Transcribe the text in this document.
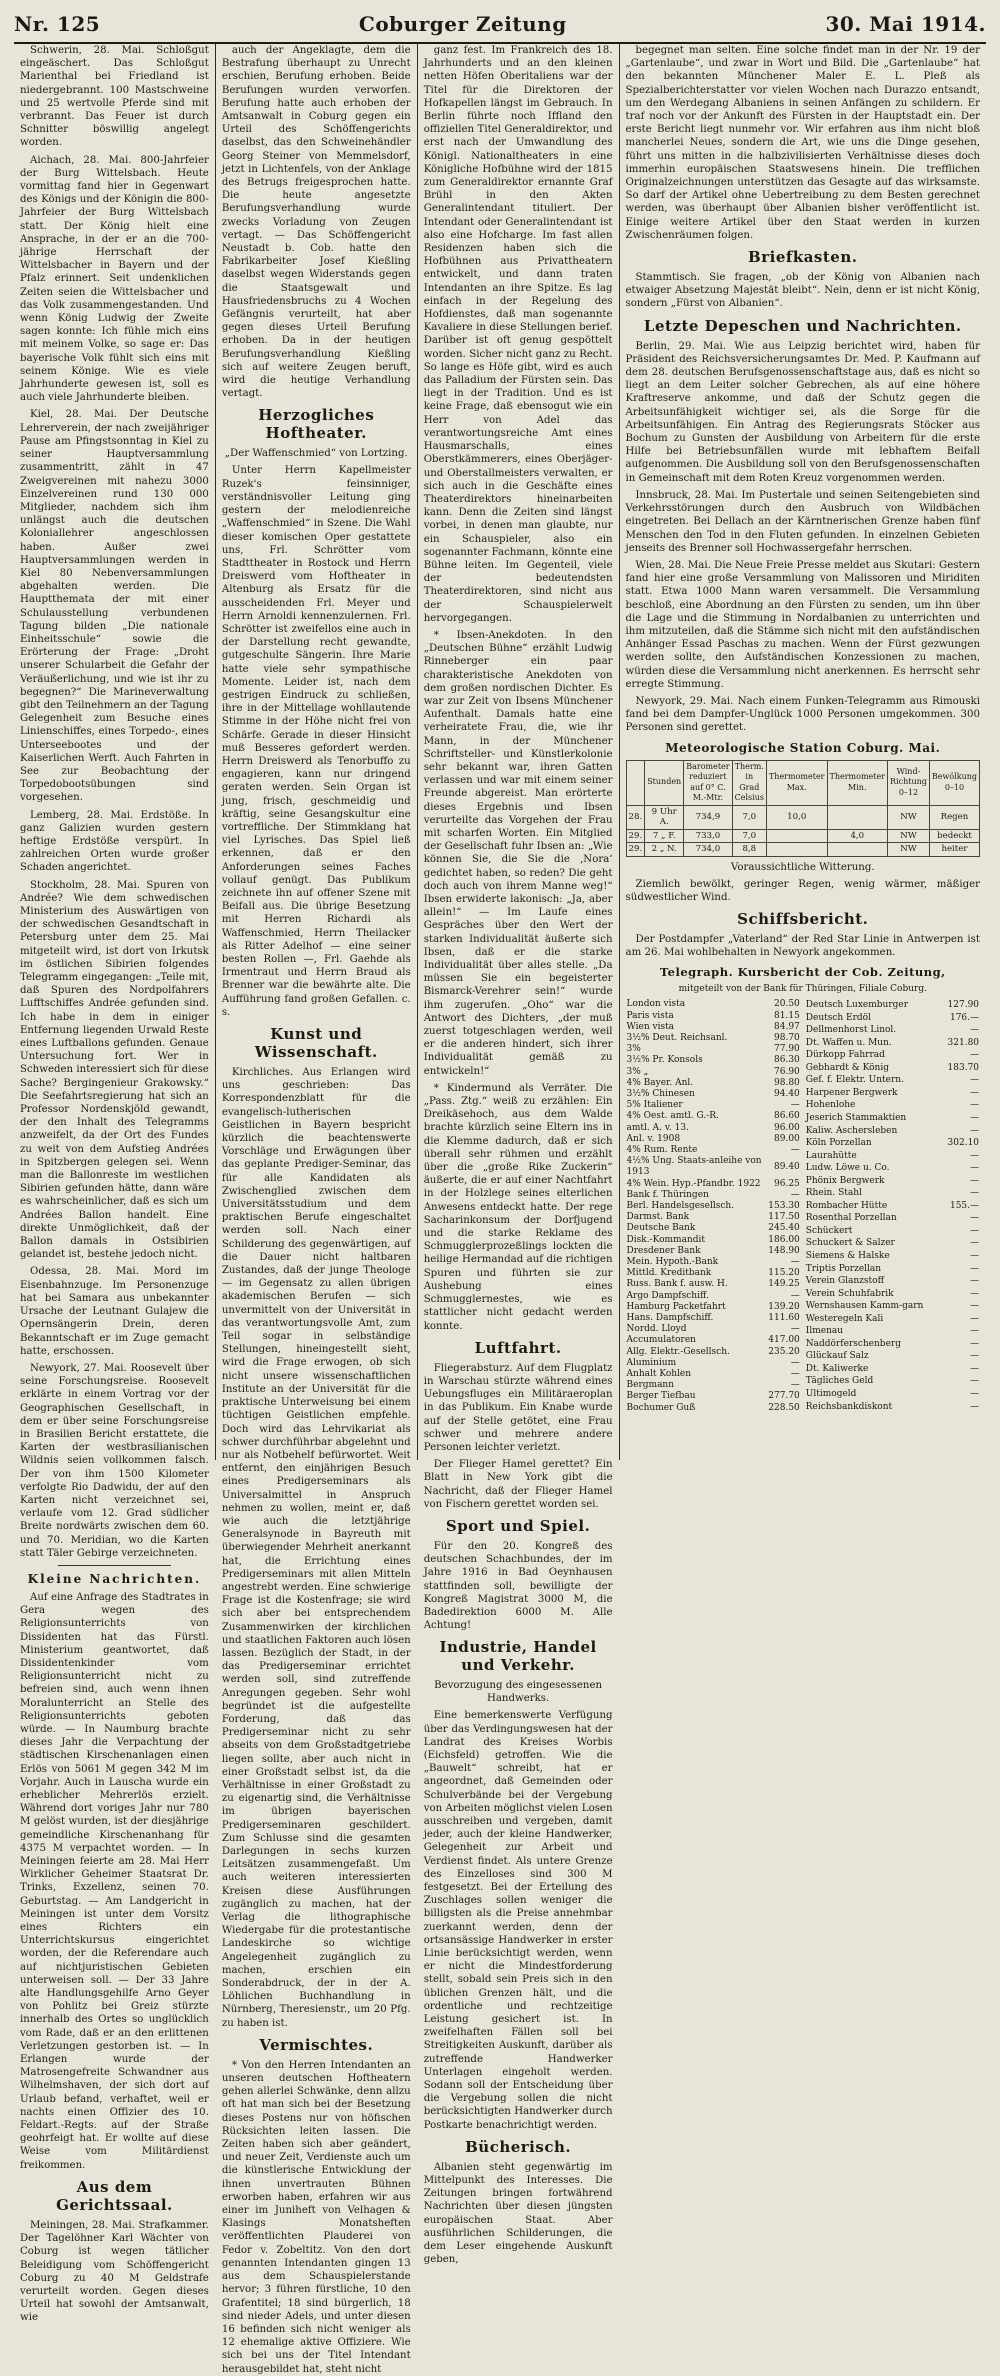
Nr. 125	Coburger Zeitung	30. Mai 1914.

Schwerin, 28. Mai. Schloßgut eingeäschert. Das Schloßgut Marienthal bei Friedland ist niedergebrannt. 100 Mastschweine und 25 wertvolle Pferde sind mit verbrannt. Das Feuer ist durch Schnitter böswillig angelegt worden.

Aichach, 28. Mai. 800-Jahrfeier der Burg Wittelsbach. Heute vormittag fand hier in Gegenwart des Königs und der Königin die 800-Jahrfeier der Burg Wittelsbach statt. Der König hielt eine Ansprache, in der er an die 700-jährige Herrschaft der Wittelsbacher in Bayern und der Pfalz erinnert. Seit undenklichen Zeiten seien die Wittelsbacher und das Volk zusammengestanden. Und wenn König Ludwig der Zweite sagen konnte: Ich fühle mich eins mit meinem Volke, so sage er: Das bayerische Volk fühlt sich eins mit seinem Könige. Wie es viele Jahrhunderte gewesen ist, soll es auch viele Jahrhunderte bleiben.

Kiel, 28. Mai. Der Deutsche Lehrerverein, der nach zweijähriger Pause am Pfingstsonntag in Kiel zu seiner Hauptversammlung zusammentritt, zählt in 47 Zweigvereinen mit nahezu 3000 Einzelvereinen rund 130 000 Mitglieder, nachdem sich ihm unlängst auch die deutschen Koloniallehrer angeschlossen haben. Außer zwei Hauptversammlungen werden in Kiel 80 Nebenversammlungen abgehalten werden. Die Hauptthemata der mit einer Schulausstellung verbundenen Tagung bilden „Die nationale Einheitsschule“ sowie die Erörterung der Frage: „Droht unserer Schularbeit die Gefahr der Veräußerlichung, und wie ist ihr zu begegnen?“ Die Marineverwaltung gibt den Teilnehmern an der Tagung Gelegenheit zum Besuche eines Linienschiffes, eines Torpedo-, eines Unterseebootes und der Kaiserlichen Werft. Auch Fahrten in See zur Beobachtung der Torpedobootsübungen sind vorgesehen.

Lemberg, 28. Mai. Erdstöße. In ganz Galizien wurden gestern heftige Erdstöße verspürt. In zahlreichen Orten wurde großer Schaden angerichtet.

Stockholm, 28. Mai. Spuren von Andrée? Wie dem schwedischen Ministerium des Auswärtigen von der schwedischen Gesandtschaft in Petersburg unter dem 25. Mai mitgeteilt wird, ist dort von Irkutsk im östlichen Sibirien folgendes Telegramm eingegangen: „Teile mit, daß Spuren des Nordpolfahrers Lufftschiffes Andrée gefunden sind. Ich habe in dem in einiger Entfernung liegenden Urwald Reste eines Luftballons gefunden. Genaue Untersuchung fort. Wer in Schweden interessiert sich für diese Sache? Bergingenieur Grakowsky.“ Die Seefahrtsregierung hat sich an Professor Nordenskjöld gewandt, der den Inhalt des Telegramms anzweifelt, da der Ort des Fundes zu weit von dem Aufstieg Andrées in Spitzbergen gelegen sei. Wenn man die Ballonreste im westlichen Sibirien gefunden hätte, dann wäre es wahrscheinlicher, daß es sich um Andrées Ballon handelt. Eine direkte Unmöglichkeit, daß der Ballon damals in Ostsibirien gelandet ist, bestehe jedoch nicht.

Odessa, 28. Mai. Mord im Eisenbahnzuge. Im Personenzuge hat bei Samara aus unbekannter Ursache der Leutnant Gulajew die Opernsängerin Drein, deren Bekanntschaft er im Zuge gemacht hatte, erschossen.

Newyork, 27. Mai. Roosevelt über seine Forschungsreise. Roosevelt erklärte in einem Vortrag vor der Geographischen Gesellschaft, in dem er über seine Forschungsreise in Brasilien Bericht erstattete, die Karten der westbrasilianischen Wildnis seien vollkommen falsch. Der von ihm 1500 Kilometer verfolgte Rio Dadwidu, der auf den Karten nicht verzeichnet sei, verlaufe vom 12. Grad südlicher Breite nordwärts zwischen dem 60. und 70. Meridian, wo die Karten statt Täler Gebirge verzeichneten.

Kleine Nachrichten.

Auf eine Anfrage des Stadtrates in Gera wegen des Religionsunterrichts von Dissidenten hat das Fürstl. Ministerium geantwortet, daß Dissidentenkinder vom Religionsunterricht nicht zu befreien sind, auch wenn ihnen Moralunterricht an Stelle des Religionsunterrichts geboten würde. — In Naumburg brachte dieses Jahr die Verpachtung der städtischen Kirschenanlagen einen Erlös von 5061 M gegen 342 M im Vorjahr. Auch in Lauscha wurde ein erheblicher Mehrerlös erzielt. Während dort voriges Jahr nur 780 M gelöst wurden, ist der diesjährige gemeindliche Kirschenanhang für 4375 M verpachtet worden. — In Meiningen feierte am 28. Mai Herr Wirklicher Geheimer Staatsrat Dr. Trinks, Exzellenz, seinen 70. Geburtstag. — Am Landgericht in Meiningen ist unter dem Vorsitz eines Richters ein Unterrichtskursus eingerichtet worden, der die Referendare auch auf nichtjuristischen Gebieten unterweisen soll. — Der 33 Jahre alte Handlungsgehilfe Arno Geyer von Pohlitz bei Greiz stürzte innerhalb des Ortes so unglücklich vom Rade, daß er an den erlittenen Verletzungen gestorben ist. — In Erlangen wurde der Matrosengefreite Schwandner aus Wilhelmshaven, der sich dort auf Urlaub befand, verhaftet, weil er nachts einen Offizier des 10. Feldart.-Regts. auf der Straße geohrfeigt hat. Er wollte auf diese Weise vom Militärdienst freikommen.

Aus dem Gerichtssaal.

Meiningen, 28. Mai. Strafkammer. Der Tagelöhner Karl Wächter von Coburg ist wegen tätlicher Beleidigung vom Schöffengericht Coburg zu 40 M Geldstrafe verurteilt worden. Gegen dieses Urteil hat sowohl der Amtsanwalt, wie

auch der Angeklagte, dem die Bestrafung überhaupt zu Unrecht erschien, Berufung erhoben. Beide Berufungen wurden verworfen. Berufung hatte auch erhoben der Amtsanwalt in Coburg gegen ein Urteil des Schöffengerichts daselbst, das den Schweinehändler Georg Steiner von Memmelsdorf, jetzt in Lichtenfels, von der Anklage des Betrugs freigesprochen hatte. Die heute angesetzte Berufungsverhandlung wurde zwecks Vorladung von Zeugen vertagt. — Das Schöffengericht Neustadt b. Cob. hatte den Fabrikarbeiter Josef Kießling daselbst wegen Widerstands gegen die Staatsgewalt und Hausfriedensbruchs zu 4 Wochen Gefängnis verurteilt, hat aber gegen dieses Urteil Berufung erhoben. Da in der heutigen Berufungsverhandlung Kießling sich auf weitere Zeugen beruft, wird die heutige Verhandlung vertagt.

Herzogliches Hoftheater.
„Der Waffenschmied“ von Lortzing.

Unter Herrn Kapellmeister Ruzek's feinsinniger, verständnisvoller Leitung ging gestern der melodienreiche „Waffenschmied“ in Szene. Die Wahl dieser komischen Oper gestattete uns, Frl. Schrötter vom Stadttheater in Rostock und Herrn Dreiswerd vom Hoftheater in Altenburg als Ersatz für die ausscheidenden Frl. Meyer und Herrn Arnoldi kennenzulernen. Frl. Schrötter ist zweifellos eine auch in der Darstellung recht gewandte, gutgeschulte Sängerin. Ihre Marie hatte viele sehr sympathische Momente. Leider ist, nach dem gestrigen Eindruck zu schließen, ihre in der Mittellage wohllautende Stimme in der Höhe nicht frei von Schärfe. Gerade in dieser Hinsicht muß Besseres gefordert werden. Herrn Dreiswerd als Tenorbuffo zu engagieren, kann nur dringend geraten werden. Sein Organ ist jung, frisch, geschmeidig und kräftig, seine Gesangskultur eine vortreffliche. Der Stimmklang hat viel Lyrisches. Das Spiel ließ erkennen, daß er den Anforderungen seines Faches vollauf genügt. Das Publikum zeichnete ihn auf offener Szene mit Beifall aus. Die übrige Besetzung mit Herren Richardi als Waffenschmied, Herrn Theilacker als Ritter Adelhof — eine seiner besten Rollen —, Frl. Gaehde als Irmentraut und Herrn Braud als Brenner war die bewährte alte. Die Aufführung fand großen Gefallen. c. s.

Kunst und Wissenschaft.

Kirchliches. Aus Erlangen wird uns geschrieben: Das Korrespondenzblatt für die evangelisch-lutherischen Geistlichen in Bayern bespricht kürzlich die beachtenswerte Vorschläge und Erwägungen über das geplante Prediger-Seminar, das für alle Kandidaten als Zwischenglied zwischen dem Universitätsstudium und dem praktischen Berufe eingeschaltet werden soll. Nach einer Schilderung des gegenwärtigen, auf die Dauer nicht haltbaren Zustandes, daß der junge Theologe — im Gegensatz zu allen übrigen akademischen Berufen — sich unvermittelt von der Universität in das verantwortungsvolle Amt, zum Teil sogar in selbständige Stellungen, hineingestellt sieht, wird die Frage erwogen, ob sich nicht unsere wissenschaftlichen Institute an der Universität für die praktische Unterweisung bei einem tüchtigen Geistlichen empfehle. Doch wird das Lehrvikariat als schwer durchführbar abgelehnt und nur als Notbehelf befürwortet. Weit entfernt, den einjährigen Besuch eines Predigerseminars als Universalmittel in Anspruch nehmen zu wollen, meint er, daß wie auch die letztjährige Generalsynode in Bayreuth mit überwiegender Mehrheit anerkannt hat, die Errichtung eines Predigerseminars mit allen Mitteln angestrebt werden. Eine schwierige Frage ist die Kostenfrage; sie wird sich aber bei entsprechendem Zusammenwirken der kirchlichen und staatlichen Faktoren auch lösen lassen. Bezüglich der Stadt, in der das Predigerseminar errichtet werden soll, sind zutreffende Anregungen gegeben. Sehr wohl begründet ist die aufgestellte Forderung, daß das Predigerseminar nicht zu sehr abseits von dem Großstadtgetriebe liegen sollte, aber auch nicht in einer Großstadt selbst ist, da die Verhältnisse in einer Großstadt zu zu eigenartig sind, die Verhältnisse im übrigen bayerischen Predigerseminaren geschildert. Zum Schlusse sind die gesamten Darlegungen in sechs kurzen Leitsätzen zusammengefaßt. Um auch weiteren interessierten Kreisen diese Ausführungen zugänglich zu machen, hat der Verlag die lithographische Wiedergabe für die protestantische Landeskirche so wichtige Angelegenheit zugänglich zu machen, erschien ein Sonderabdruck, der in der A. Löhlichen Buchhandlung in Nürnberg, Theresienstr., um 20 Pfg. zu haben ist.

Vermischtes.

* Von den Herren Intendanten an unseren deutschen Hoftheatern gehen allerlei Schwänke, denn allzu oft hat man sich bei der Besetzung dieses Postens nur von höfischen Rücksichten leiten lassen. Die Zeiten haben sich aber geändert, und neuer Zeit, Verdienste auch um die künstlerische Entwicklung der ihnen unvertrauten Bühnen erworben haben, erfahren wir aus einer im Juniheft von Velhagen & Klasings Monatsheften veröffentlichten Plauderei von Fedor v. Zobeltitz. Von den dort genannten Intendanten gingen 13 aus dem Schauspielerstande hervor; 3 führen fürstliche, 10 den Grafentitel; 18 sind bürgerlich, 18 sind nieder Adels, und unter diesen 16 befinden sich nicht weniger als 12 ehemalige aktive Offiziere. Wie sich bei uns der Titel Intendant herausgebildet hat, steht nicht

ganz fest. Im Frankreich des 18. Jahrhunderts und an den kleinen netten Höfen Oberitaliens war der Titel für die Direktoren der Hofkapellen längst im Gebrauch. In Berlin führte noch Iffland den offiziellen Titel Generaldirektor, und erst nach der Umwandlung des Königl. Nationaltheaters in eine Königliche Hofbühne wird der 1815 zum Generaldirektor ernannte Graf Brühl in den Akten Generalintendant tituliert. Der Intendant oder Generalintendant ist also eine Hofcharge. Im fast allen Residenzen haben sich die Hofbühnen aus Privattheatern entwickelt, und dann traten Intendanten an ihre Spitze. Es lag einfach in der Regelung des Hofdienstes, daß man sogenannte Kavaliere in diese Stellungen berief. Darüber ist oft genug gespöttelt worden. Sicher nicht ganz zu Recht. So lange es Höfe gibt, wird es auch das Palladium der Fürsten sein. Das liegt in der Tradition. Und es ist keine Frage, daß ebensogut wie ein Herr von Adel das verantwortungsreiche Amt eines Hausmarschalls, eines Oberstkämmerers, eines Oberjäger- und Oberstallmeisters verwalten, er sich auch in die Geschäfte eines Theaterdirektors hineinarbeiten kann. Denn die Zeiten sind längst vorbei, in denen man glaubte, nur ein Schauspieler, also ein sogenannter Fachmann, könnte eine Bühne leiten. Im Gegenteil, viele der bedeutendsten Theaterdirektoren, sind nicht aus der Schauspielerwelt hervorgegangen.

* Ibsen-Anekdoten. In den „Deutschen Bühne“ erzählt Ludwig Rinneberger ein paar charakteristische Anekdoten von dem großen nordischen Dichter. Es war zur Zeit von Ibsens Münchener Aufenthalt. Damals hatte eine verheiratete Frau, die, wie ihr Mann, in der Münchener Schriftsteller- und Künstlerkolonie sehr bekannt war, ihren Gatten verlassen und war mit einem seiner Freunde abgereist. Man erörterte dieses Ergebnis und Ibsen verurteilte das Vorgehen der Frau mit scharfen Worten. Ein Mitglied der Gesellschaft fuhr Ibsen an: „Wie können Sie, die Sie die ‚Nora‘ gedichtet haben, so reden? Die geht doch auch von ihrem Manne weg!“ Ibsen erwiderte lakonisch: „Ja, aber allein!“ — Im Laufe eines Gespräches über den Wert der starken Individualität äußerte sich Ibsen, daß er die starke Individualität über alles stelle. „Da müssen Sie ein begeisterter Bismarck-Verehrer sein!“ wurde ihm zugerufen. „Oho“ war die Antwort des Dichters, „der muß zuerst totgeschlagen werden, weil er die anderen hindert, sich ihrer Individualität gemäß zu entwickeln!“

* Kindermund als Verräter. Die „Pass. Ztg.“ weiß zu erzählen: Ein Dreikäsehoch, aus dem Walde brachte kürzlich seine Eltern ins in die Klemme dadurch, daß er sich überall sehr rühmen und erzählt über die „große Rike Zuckerin“ äußerte, die er auf einer Nachtfahrt in der Holzlege seines elterlichen Anwesens entdeckt hatte. Der rege Sacharinkonsum der Dorfjugend und die starke Reklame des Schmugglerprozeßlings lockten die heilige Hermandad auf die richtigen Spuren und führten sie zur Aushebung eines Schmugglernestes, wie es stattlicher nicht gedacht werden konnte.

Luftfahrt.

Fliegerabsturz. Auf dem Flugplatz in Warschau stürzte während eines Uebungsfluges ein Militäraeroplan in das Publikum. Ein Knabe wurde auf der Stelle getötet, eine Frau schwer und mehrere andere Personen leichter verletzt.

Der Flieger Hamel gerettet? Ein Blatt in New York gibt die Nachricht, daß der Flieger Hamel von Fischern gerettet worden sei.

Sport und Spiel.

Für den 20. Kongreß des deutschen Schachbundes, der im Jahre 1916 in Bad Oeynhausen stattfinden soll, bewilligte der Kongreß Magistrat 3000 M, die Badedirektion 6000 M. Alle Achtung!

Industrie, Handel und Verkehr.
Bevorzugung des eingesessenen Handwerks.

Eine bemerkenswerte Verfügung über das Verdingungswesen hat der Landrat des Kreises Worbis (Eichsfeld) getroffen. Wie die „Bauwelt“ schreibt, hat er angeordnet, daß Gemeinden oder Schulverbände bei der Vergebung von Arbeiten möglichst vielen Losen ausschreiben und vergeben, damit jeder, auch der kleine Handwerker, Gelegenheit zur Arbeit und Verdienst findet. Als untere Grenze des Einzelloses sind 300 M festgesetzt. Bei der Erteilung des Zuschlages sollen weniger die billigsten als die Preise annehmbar zuerkannt werden, denn der ortsansässige Handwerker in erster Linie berücksichtigt werden, wenn er nicht die Mindestforderung stellt, sobald sein Preis sich in den üblichen Grenzen hält, und die ordentliche und rechtzeitige Leistung gesichert ist. In zweifelhaften Fällen soll bei Streitigkeiten Auskunft, darüber als zutreffende Handwerker Unterlagen eingeholt werden. Sodann soll der Entscheidung über die Vergebung sollen die nicht berücksichtigten Handwerker durch Postkarte benachrichtigt werden.

Bücherisch.

Albanien steht gegenwärtig im Mittelpunkt des Interesses. Die Zeitungen bringen fortwährend Nachrichten über diesen jüngsten europäischen Staat. Aber ausführlichen Schilderungen, die dem Leser eingehende Auskunft geben,

begegnet man selten. Eine solche findet man in der Nr. 19 der „Gartenlaube“, und zwar in Wort und Bild. Die „Gartenlaube“ hat den bekannten Münchener Maler E. L. Pleß als Spezialberichterstatter vor vielen Wochen nach Durazzo entsandt, um den Werdegang Albaniens in seinen Anfängen zu schildern. Er traf noch vor der Ankunft des Fürsten in der Hauptstadt ein. Der erste Bericht liegt nunmehr vor. Wir erfahren aus ihm nicht bloß mancherlei Neues, sondern die Art, wie uns die Dinge gesehen, führt uns mitten in die halbzivilisierten Verhältnisse dieses doch immerhin europäischen Staatswesens hinein. Die trefflichen Originalzeichnungen unterstützen das Gesagte auf das wirksamste. So darf der Artikel ohne Uebertreibung zu dem Besten gerechnet werden, was überhaupt über Albanien bisher veröffentlicht ist. Einige weitere Artikel über den Staat werden in kurzen Zwischenräumen folgen.

Briefkasten.

Stammtisch. Sie fragen, „ob der König von Albanien nach etwaiger Absetzung Majestät bleibt“. Nein, denn er ist nicht König, sondern „Fürst von Albanien“.

Letzte Depeschen und Nachrichten.

Berlin, 29. Mai. Wie aus Leipzig berichtet wird, haben für Präsident des Reichsversicherungsamtes Dr. Med. P. Kaufmann auf dem 28. deutschen Berufsgenossenschaftstage aus, daß es nicht so liegt an dem Leiter solcher Gebrechen, als auf eine höhere Kraftreserve ankomme, und daß der Schutz gegen die Arbeitsunfähigkeit wichtiger sei, als die Sorge für die Arbeitsunfähigen. Ein Antrag des Regierungsrats Stöcker aus Bochum zu Gunsten der Ausbildung von Arbeitern für die erste Hilfe bei Betriebsunfällen wurde mit lebhaftem Beifall aufgenommen. Die Ausbildung soll von den Berufsgenossenschaften in Gemeinschaft mit dem Roten Kreuz vorgenommen werden.

Innsbruck, 28. Mai. Im Pustertale und seinen Seitengebieten sind Verkehrsstörungen durch den Ausbruch von Wildbächen eingetreten. Bei Dellach an der Kärntnerischen Grenze haben fünf Menschen den Tod in den Fluten gefunden. In einzelnen Gebieten jenseits des Brenner soll Hochwassergefahr herrschen.

Wien, 28. Mai. Die Neue Freie Presse meldet aus Skutari: Gestern fand hier eine große Versammlung von Malissoren und Miriditen statt. Etwa 1000 Mann waren versammelt. Die Versammlung beschloß, eine Abordnung an den Fürsten zu senden, um ihn über die Lage und die Stimmung in Nordalbanien zu unterrichten und ihm mitzuteilen, daß die Stämme sich nicht mit den aufständischen Anhänger Essad Paschas zu machen. Wenn der Fürst gezwungen werden sollte, den Aufständischen Konzessionen zu machen, würden diese die Versammlung nicht anerkennen. Es herrscht sehr erregte Stimmung.

Newyork, 29. Mai. Nach einem Funken-Telegramm aus Rimouski fand bei dem Dampfer-Unglück 1000 Personen umgekommen. 300 Personen sind gerettet.

Meteorologische Station Coburg. Mai.
	Stunden	Barometer reduziert auf 0° C. M.-Mtr.	Therm. in Grad Celsius	Thermometer Max.	Thermometer Min.	Wind-Richtung 0–12	Bewölkung 0–10
28.	9 Uhr A.	734,9	7,0	10,0		NW	Regen
29.	7 „ F.	733,0	7,0		4,0	NW	bedeckt
29.	2 „ N.	734,0	8,8			NW	heiter
Voraussichtliche Witterung.

Ziemlich bewölkt, geringer Regen, wenig wärmer, mäßiger südwestlicher Wind.

Schiffsbericht.

Der Postdampfer „Vaterland“ der Red Star Linie in Antwerpen ist am 26. Mai wohlbehalten in Newyork angekommen.

Telegraph. Kursbericht der Cob. Zeitung,
mitgeteilt von der Bank für Thüringen, Filiale Coburg.
London vista	20.50
Paris vista	81.15
Wien vista	84.97
3½% Deut. Reichsanl.	98.70
3%	77.90
3½% Pr. Konsols	86.30
3% „	76.90
4% Bayer. Anl.	98.80
3½% Chinesen	94.40
5% Italiener	—
4% Oest. amtl. G.-R.	86.60
amtl. A. v. 13.	96.00
Anl. v. 1908	89.00
4% Rum. Rente	—
4½% Ung. Staats-anleihe von 1913	89.40
4% Wein. Hyp.-Pfandbr. 1922	96.25
Bank f. Thüringen	—
Berl. Handelsgesellsch.	153.30
Darmst. Bank	117.50
Deutsche Bank	245.40
Disk.-Kommandit	186.00
Dresdener Bank	148.90
Mein. Hypoth.-Bank	—
Mittld. Kreditbank	115.20
Russ. Bank f. ausw. H.	149.25
Argo Dampfschiff.	—
Hamburg Packetfahrt	139.20
Hans. Dampfschiff.	111.60
Nordd. Lloyd	—
Accumulatoren	417.00
Allg. Elektr.-Gesellsch.	235.20
Aluminium	—
Anhalt Kohlen	—
Bergmann	—
Berger Tiefbau	277.70
Bochumer Guß	228.50
Deutsch Luxemburger	127.90
Deutsch Erdöl	176.—
Dellmenhorst Linol.	—
Dt. Waffen u. Mun.	321.80
Dürkopp Fahrrad	—
Gebhardt & König	183.70
Gef. f. Elektr. Untern.	—
Harpener Bergwerk	—
Hohenlohe	—
Jeserich Stammaktien	—
Kaliw. Aschersleben	—
Köln Porzellan	302.10
Laurahütte	—
Ludw. Löwe u. Co.	—
Phönix Bergwerk	—
Rhein. Stahl	—
Rombacher Hütte	155.—
Rosenthal Porzellan	—
Schückert	—
Schuckert & Salzer	—
Siemens & Halske	—
Triptis Porzellan	—
Verein Glanzstoff	—
Verein Schuhfabrik	—
Wernshausen Kamm-garn	—
Westeregeln Kali	—
Ilmenau	—
Naddörferschenberg	—
Glückauf Salz	—
Dt. Kaliwerke	—
Tägliches Geld	—
Ultimogeld	—
Reichsbankdiskont	—
